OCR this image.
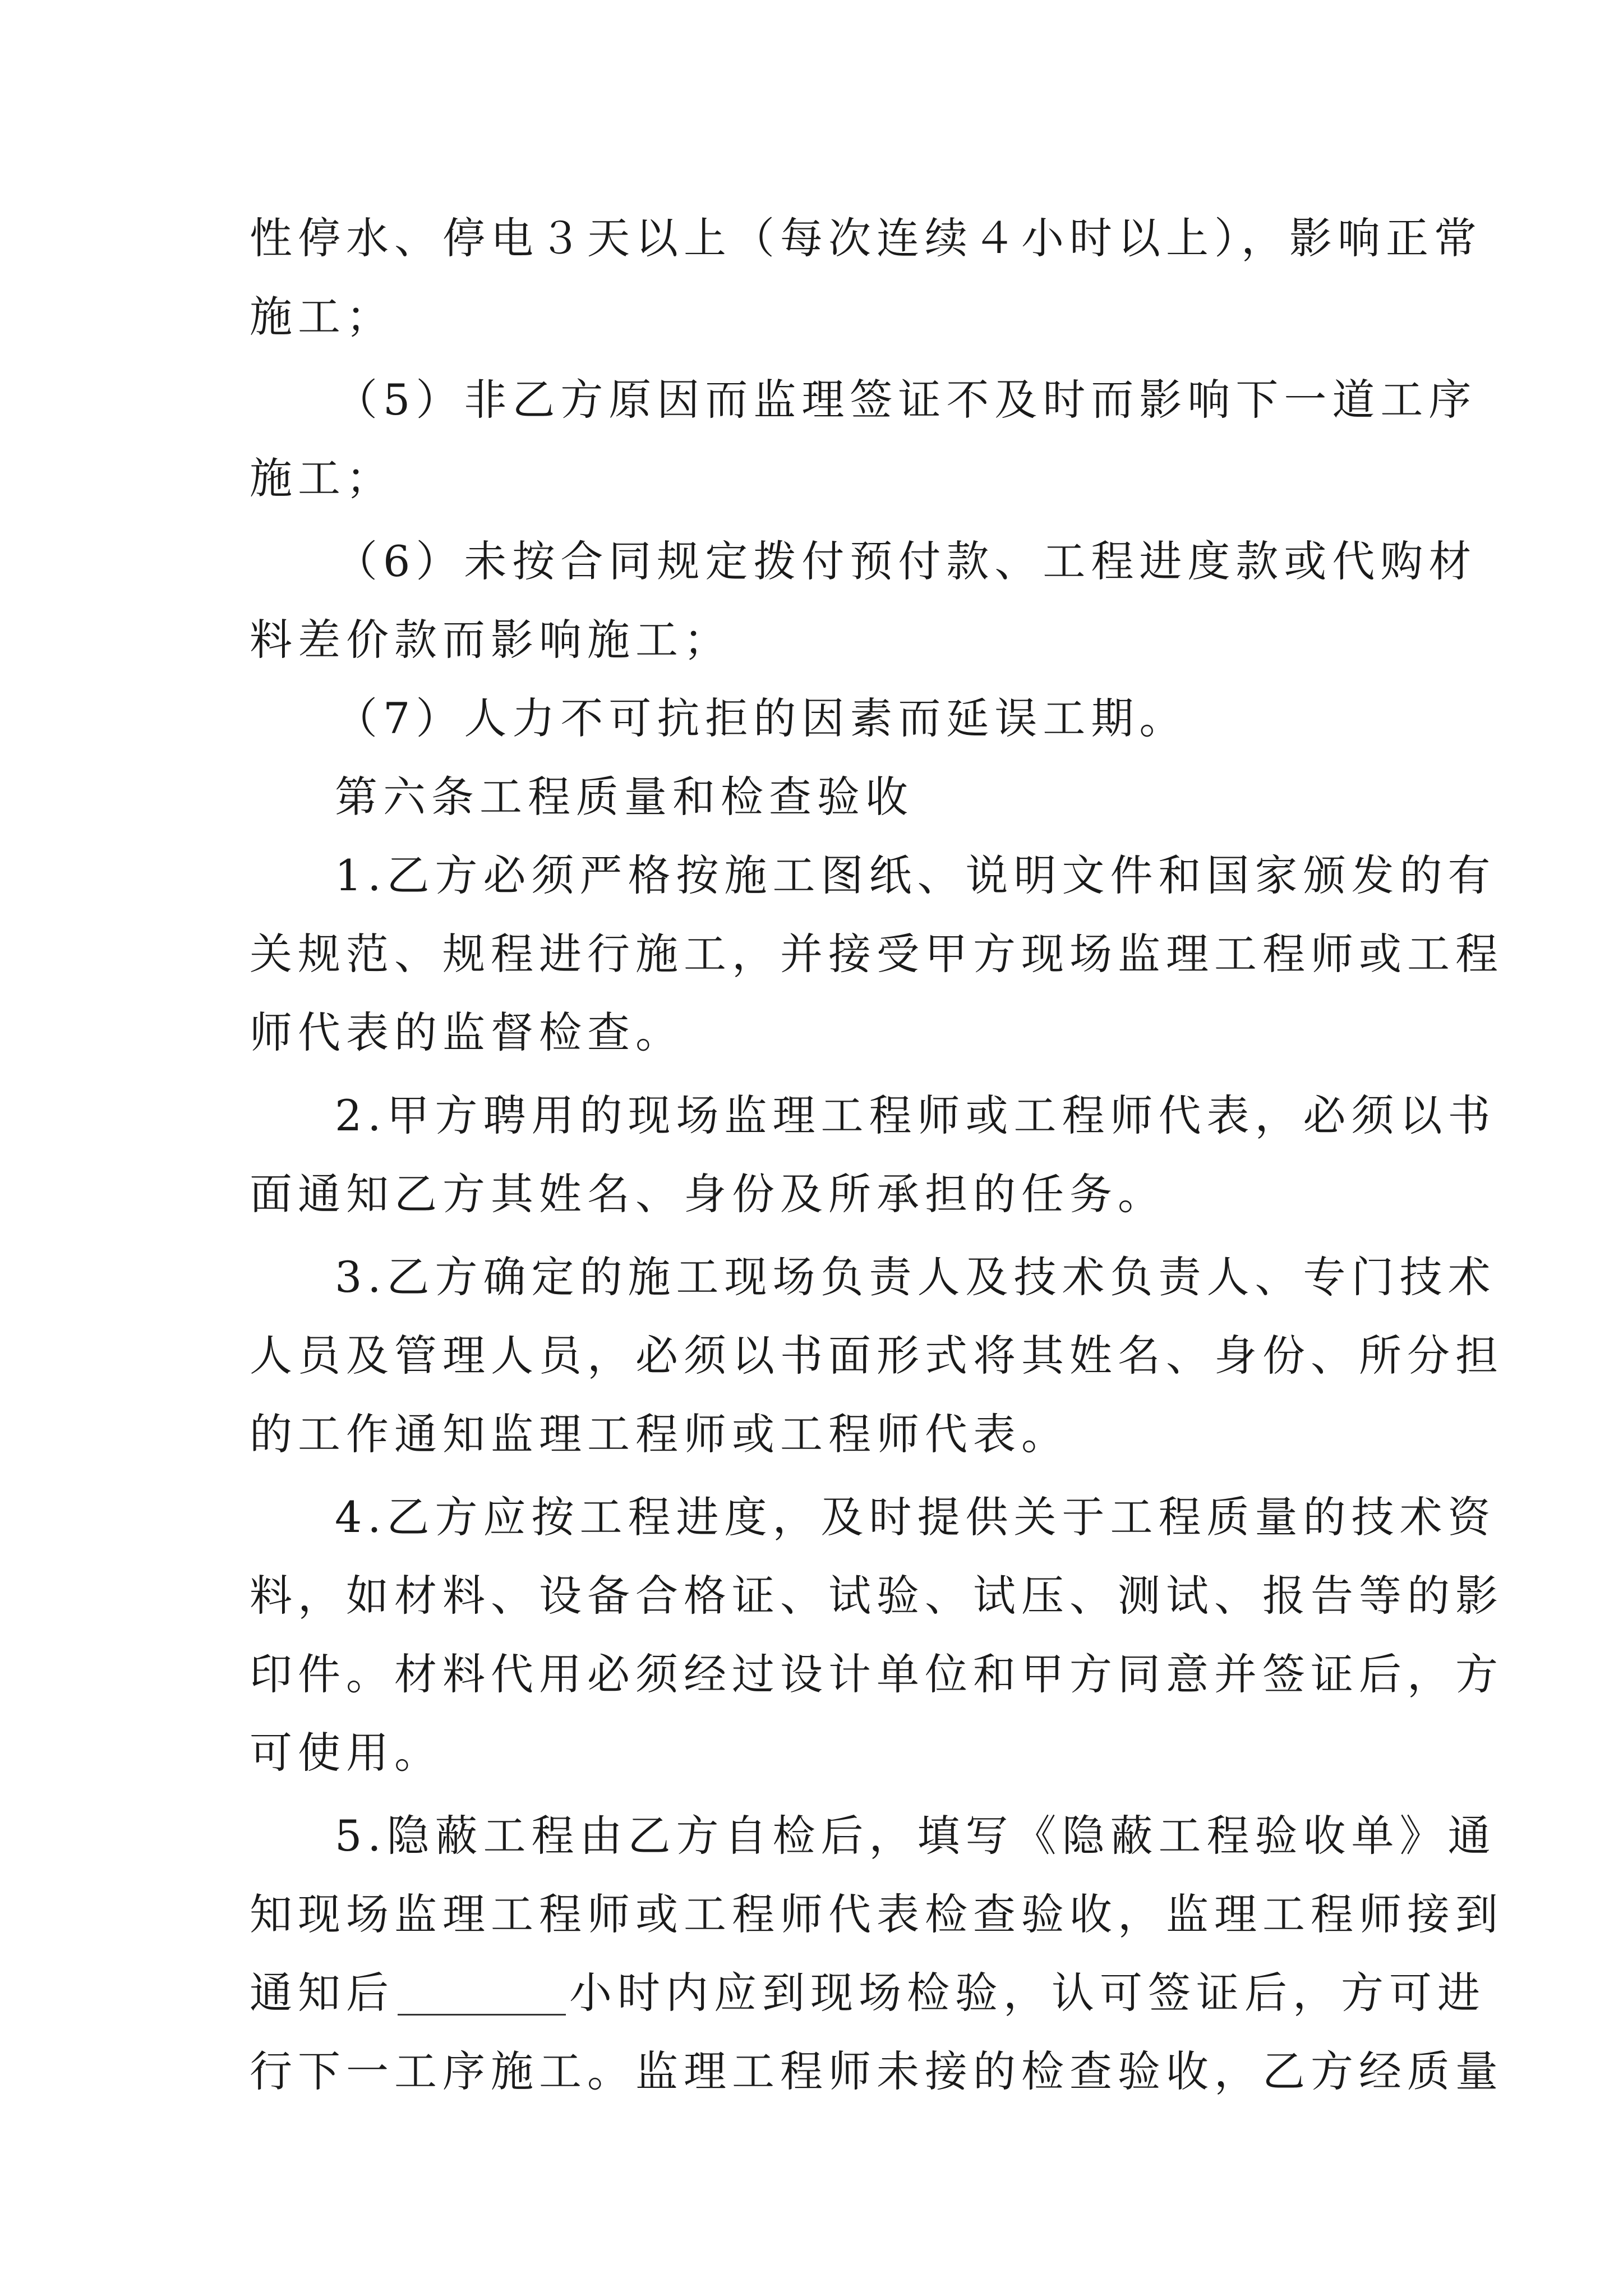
性停水、停电３天以上（每次连续４小时以上），影响正常
施工；
（5）非乙方原因而监理签证不及时而影响下一道工序
施工；
（6）未按合同规定拨付预付款、工程进度款或代购材
料差价款而影响施工；
（7）人力不可抗拒的因素而延误工期。
第六条工程质量和检查验收
1.乙方必须严格按施工图纸、说明文件和国家颁发的有
关规范、规程进行施工，并接受甲方现场监理工程师或工程
师代表的监督检查。
2.甲方聘用的现场监理工程师或工程师代表，必须以书
面通知乙方其姓名、身份及所承担的任务。
3.乙方确定的施工现场负责人及技术负责人、专门技术
人员及管理人员，必须以书面形式将其姓名、身份、所分担
的工作通知监理工程师或工程师代表。
4.乙方应按工程进度，及时提供关于工程质量的技术资
料，如材料、设备合格证、试验、试压、测试、报告等的影
印件。材料代用必须经过设计单位和甲方同意并签证后，方
可使用。
5.隐蔽工程由乙方自检后，填写《隐蔽工程验收单》通
知现场监理工程师或工程师代表检查验收，监理工程师接到
通知后	小时内应到现场检验，认可签证后，方可进
行下一工序施工。监理工程师未接的检查验收，乙方经质量
